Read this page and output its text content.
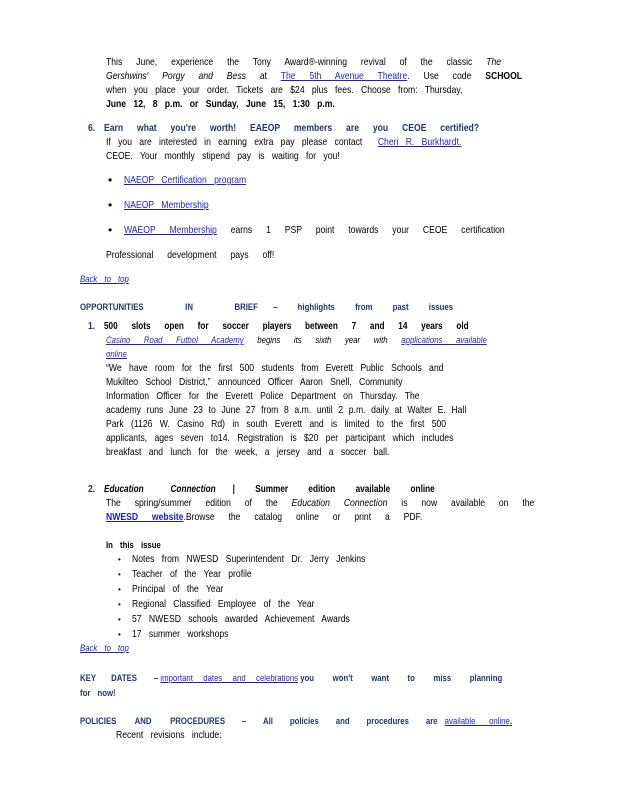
This June, experience the Tony Award®-winning revival of the classic The
Gershwins' Porgy and Bess at The 5th Avenue Theatre. Use code SCHOOL
when you place your order. Tickets are $24 plus fees. Choose from: Thursday,
June 12, 8 p.m. or Sunday, June 15, 1:30 p.m.
6. Earn what you're worth! EAEOP members are you CEOE certified?
If you are interested in earning extra pay please contact Cheri R. Burkhardt.
CEOE. Your monthly stipend pay is waiting for you!
• NAEOP Certification program
• NAEOP Membership
• WAEOP Membership earns 1 PSP point towards your CEOE certification
Professional development pays off!
Back to top
OPPORTUNITIES IN BRIEF – highlights from past issues
1. 500 slots open for soccer players between 7 and 14 years old
Casino Road Futbol Academy begins its sixth year with applications available
online
“We have room for the first 500 students from Everett Public Schools and
Mukilteo School District,” announced Officer Aaron Snell, Community
Information Officer for the Everett Police Department on Thursday. The
academy runs June 23 to June 27 from 8 a.m. until 2 p.m. daily at Walter E. Hall
Park (1126 W. Casino Rd) in south Everett and is limited to the first 500
applicants, ages seven to14. Registration is $20 per participant which includes
breakfast and lunch for the week, a jersey and a soccer ball.
2. Education Connection | Summer edition available online
The spring/summer edition of the Education Connection is now available on the
NWESD website.Browse the catalog online or print a PDF.
In this issue
• Notes from NWESD Superintendent Dr. Jerry Jenkins
• Teacher of the Year profile
• Principal of the Year
• Regional Classified Employee of the Year
• 57 NWESD schools awarded Achievement Awards
• 17 summer workshops
Back to top
KEY DATES – important dates and celebrations you won't want to miss planning
for now!
POLICIES AND PROCEDURES – All policies and procedures are available online.
Recent revisions include:
